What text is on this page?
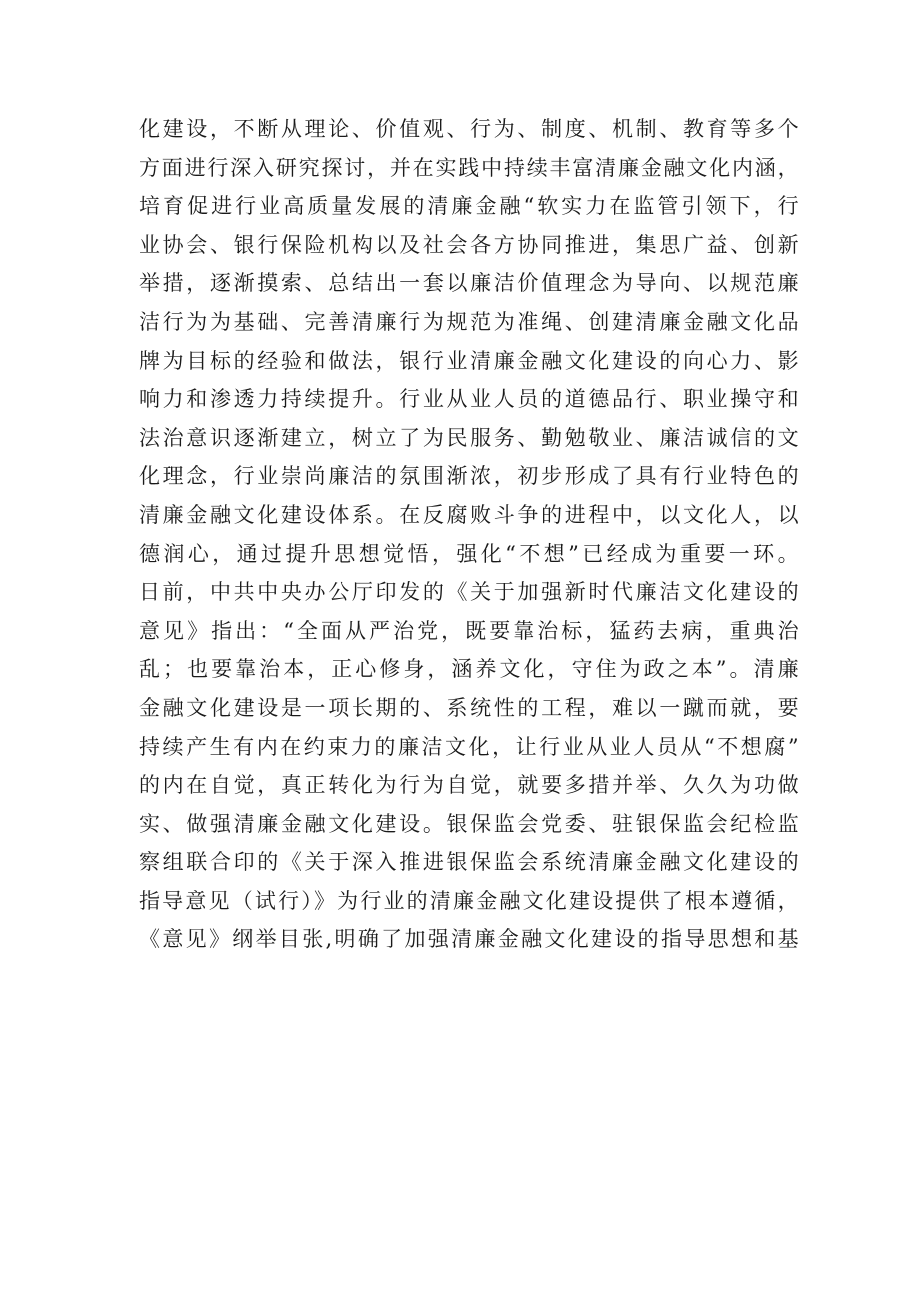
化建设，不断从理论、价值观、行为、制度、机制、教育等多个
方面进行深入研究探讨，并在实践中持续丰富清廉金融文化内涵，
培育促进行业高质量发展的清廉金融“软实力在监管引领下，行
业协会、银行保险机构以及社会各方协同推进，集思广益、创新
举措，逐渐摸索、总结出一套以廉洁价值理念为导向、以规范廉
洁行为为基础、完善清廉行为规范为准绳、创建清廉金融文化品
牌为目标的经验和做法，银行业清廉金融文化建设的向心力、影
响力和渗透力持续提升。行业从业人员的道德品行、职业操守和
法治意识逐渐建立，树立了为民服务、勤勉敬业、廉洁诚信的文
化理念，行业崇尚廉洁的氛围渐浓，初步形成了具有行业特色的
清廉金融文化建设体系。在反腐败斗争的进程中，以文化人，以
德润心，通过提升思想觉悟，强化“不想”已经成为重要一环。
日前，中共中央办公厅印发的《关于加强新时代廉洁文化建设的
意见》指出：“全面从严治党，既要靠治标，猛药去病，重典治
乱；也要靠治本，正心修身，涵养文化，守住为政之本”。清廉
金融文化建设是一项长期的、系统性的工程，难以一蹴而就，要
持续产生有内在约束力的廉洁文化，让行业从业人员从“不想腐”
的内在自觉，真正转化为行为自觉，就要多措并举、久久为功做
实、做强清廉金融文化建设。银保监会党委、驻银保监会纪检监
察组联合印的《关于深入推进银保监会系统清廉金融文化建设的
指导意见（试行）》为行业的清廉金融文化建设提供了根本遵循，
《意见》纲举目张,明确了加强清廉金融文化建设的指导思想和基
